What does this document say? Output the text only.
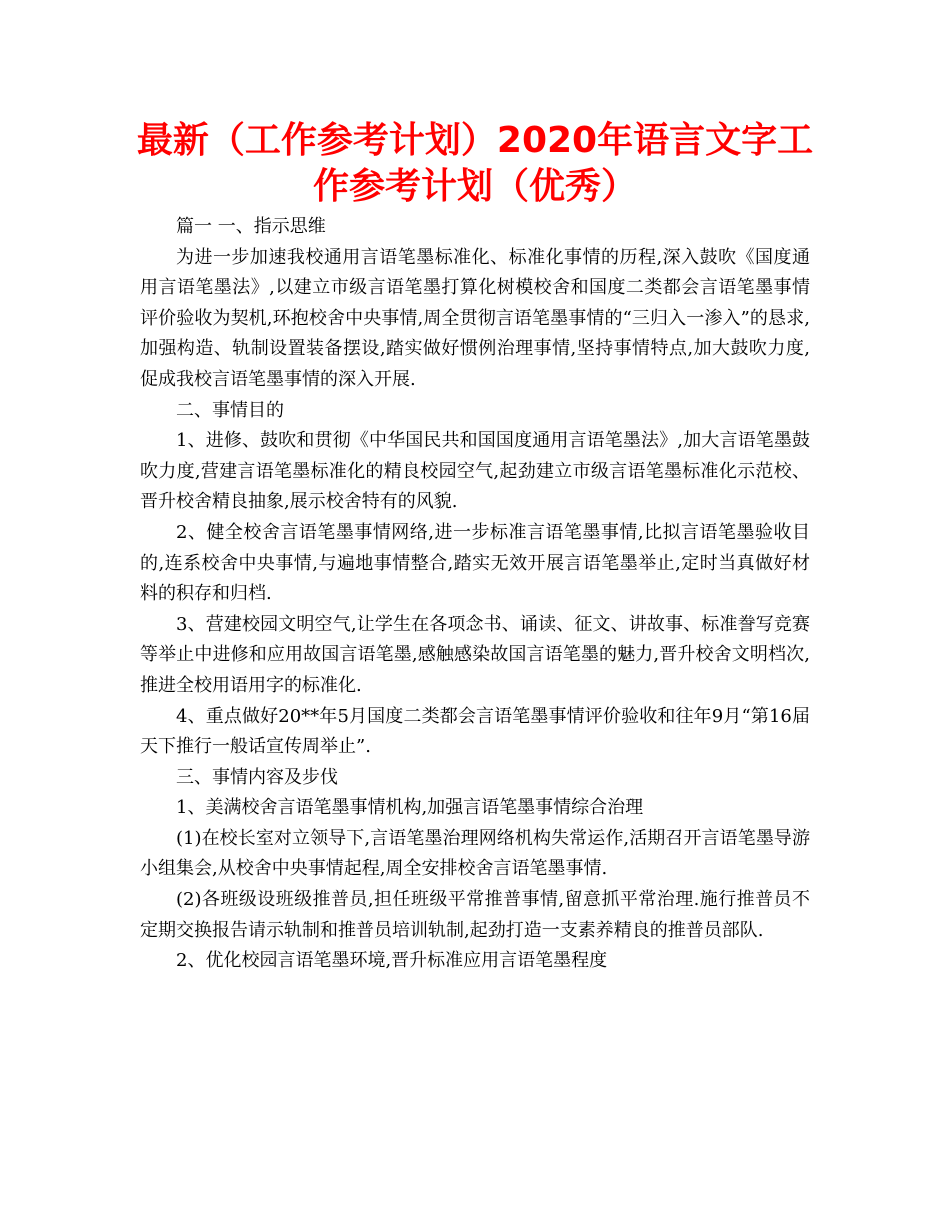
最新（工作参考计划）2020年语言文字工作参考计划（优秀）

篇一 一、指示思维

为进一步加速我校通用言语笔墨标准化、标准化事情的历程,深入鼓吹《国度通用言语笔墨法》,以建立市级言语笔墨打算化树模校舍和国度二类都会言语笔墨事情评价验收为契机,环抱校舍中央事情,周全贯彻言语笔墨事情的“三归入一渗入”的恳求,加强构造、轨制设置装备摆设,踏实做好惯例治理事情,坚持事情特点,加大鼓吹力度,促成我校言语笔墨事情的深入开展.

二、事情目的

1、进修、鼓吹和贯彻《中华国民共和国国度通用言语笔墨法》,加大言语笔墨鼓吹力度,营建言语笔墨标准化的精良校园空气,起劲建立市级言语笔墨标准化示范校、晋升校舍精良抽象,展示校舍特有的风貌.

2、健全校舍言语笔墨事情网络,进一步标准言语笔墨事情,比拟言语笔墨验收目的,连系校舍中央事情,与遍地事情整合,踏实无效开展言语笔墨举止,定时当真做好材料的积存和归档.

3、营建校园文明空气,让学生在各项念书、诵读、征文、讲故事、标准誊写竞赛等举止中进修和应用故国言语笔墨,感触感染故国言语笔墨的魅力,晋升校舍文明档次,推进全校用语用字的标准化.

4、重点做好20**年5月国度二类都会言语笔墨事情评价验收和往年9月“第16届天下推行一般话宣传周举止”.

三、事情内容及步伐

1、美满校舍言语笔墨事情机构,加强言语笔墨事情综合治理

(1)在校长室对立领导下,言语笔墨治理网络机构失常运作,活期召开言语笔墨导游小组集会,从校舍中央事情起程,周全安排校舍言语笔墨事情.

(2)各班级设班级推普员,担任班级平常推普事情,留意抓平常治理.施行推普员不定期交换报告请示轨制和推普员培训轨制,起劲打造一支素养精良的推普员部队.

2、优化校园言语笔墨环境,晋升标准应用言语笔墨程度
